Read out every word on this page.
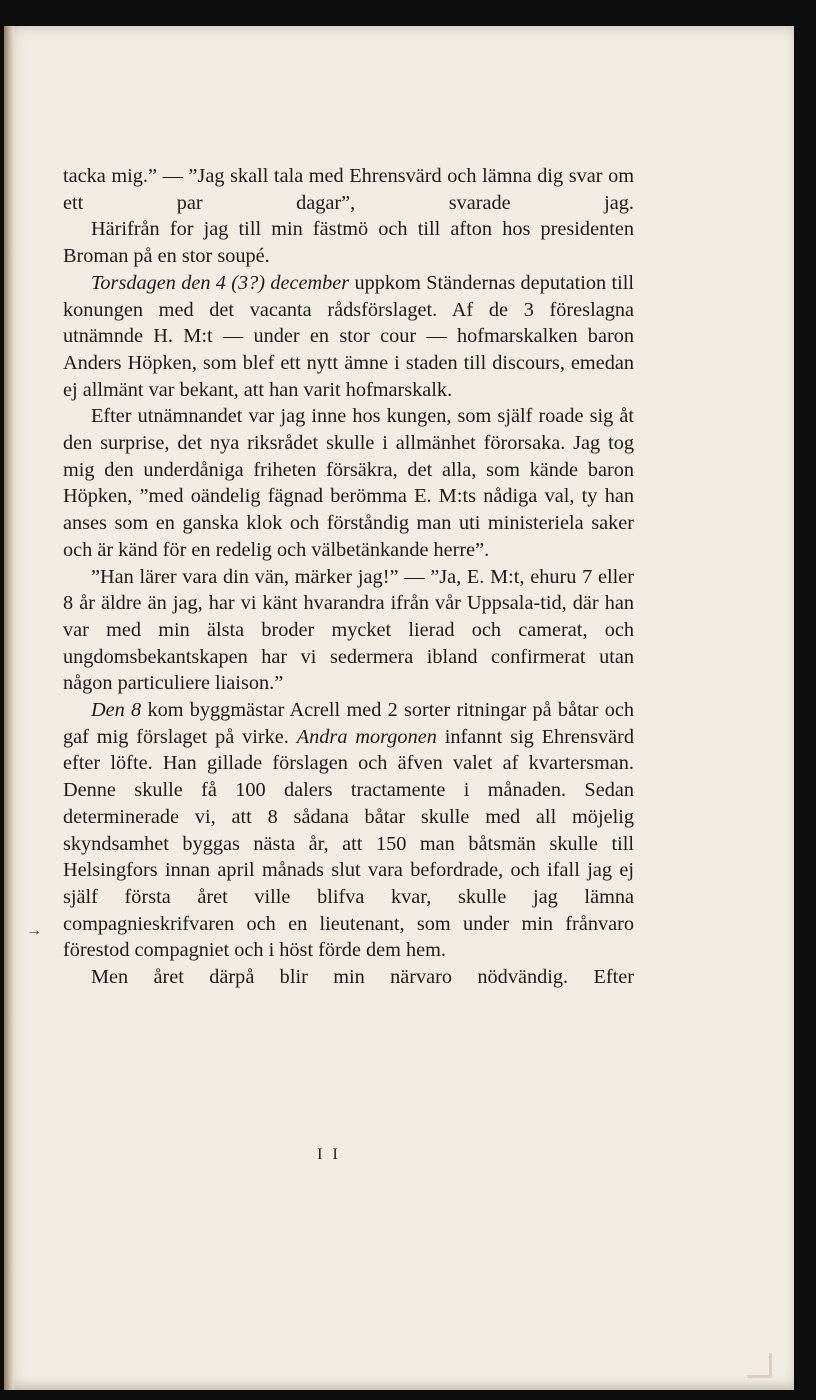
tacka mig.” — ”Jag skall tala med Ehrensvärd och lämna dig svar om ett par dagar”, svarade jag.

Härifrån for jag till min fästmö och till afton hos presidenten Broman på en stor soupé.

Torsdagen den 4 (3?) december uppkom Ständernas deputation till konungen med det vacanta rådsförslaget. Af de 3 föreslagna utnämnde H. M:t — under en stor cour — hofmarskalken baron Anders Höpken, som blef ett nytt ämne i staden till discours, emedan ej allmänt var bekant, att han varit hofmarskalk.

Efter utnämnandet var jag inne hos kungen, som själf roade sig åt den surprise, det nya riksrådet skulle i allmänhet förorsaka. Jag tog mig den underdåniga friheten försäkra, det alla, som kände baron Höpken, ”med oändelig fägnad berömma E. M:ts nådiga val, ty han anses som en ganska klok och förståndig man uti ministeriela saker och är känd för en redelig och välbetänkande herre”.

”Han lärer vara din vän, märker jag!” — ”Ja, E. M:t, ehuru 7 eller 8 år äldre än jag, har vi känt hvarandra ifrån vår Uppsala-tid, där han var med min älsta broder mycket lierad och camerat, och ungdomsbekantskapen har vi sedermera ibland confirmerat utan någon particuliere liaison.”

Den 8 kom byggmästar Acrell med 2 sorter ritningar på båtar och gaf mig förslaget på virke. Andra morgonen infannt sig Ehrensvärd efter löfte. Han gillade förslagen och äfven valet af kvartersman. Denne skulle få 100 dalers tractamente i månaden. Sedan determinerade vi, att 8 sådana båtar skulle med all möjelig skyndsamhet byggas nästa år, att 150 man båtsmän skulle till Helsingfors innan april månads slut vara befordrade, och ifall jag ej själf första året ville blifva kvar, skulle jag lämna compagnieskrifvaren och en lieutenant, som under min frånvaro förestod compagniet och i höst förde dem hem.

Men året därpå blir min närvaro nödvändig. Efter

→
I I
